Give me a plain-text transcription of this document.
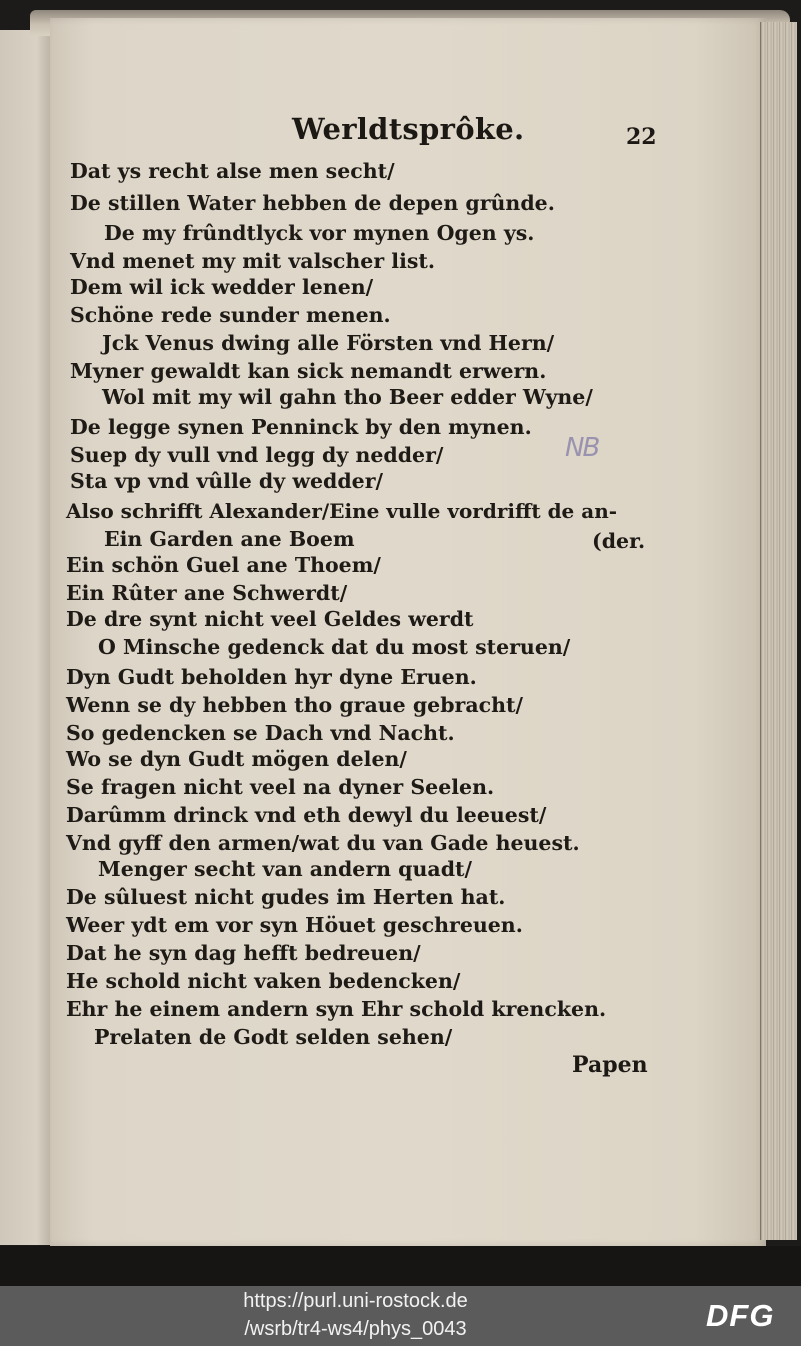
Werldtsprôke.	22
Dat ys recht alse men secht/
De stillen Water hebben de depen grûnde.
De my frûndtlyck vor mynen Ogen ys.
Vnd menet my mit valscher list.
Dem wil ick wedder lenen/
Schöne rede sunder menen.
Jck Venus dwing alle Försten vnd Hern/
Myner gewaldt kan sick nemandt erwern.
Wol mit my wil gahn tho Beer edder Wyne/
De legge synen Penninck by den mynen.
Suep dy vull vnd legg dy nedder/
Sta vp vnd vûlle dy wedder/
Also schrifft Alexander/Eine vulle vordrifft de an-
Ein Garden ane Boem	(der.
Ein schön Guel ane Thoem/
Ein Rûter ane Schwerdt/
De dre synt nicht veel Geldes werdt
O Minsche gedenck dat du most steruen/
Dyn Gudt beholden hyr dyne Eruen.
Wenn se dy hebben tho graue gebracht/
So gedencken se Dach vnd Nacht.
Wo se dyn Gudt mögen delen/
Se fragen nicht veel na dyner Seelen.
Darûmm drinck vnd eth dewyl du leeuest/
Vnd gyff den armen/wat du van Gade heuest.
Menger secht van andern quadt/
De sûluest nicht gudes im Herten hat.
Weer ydt em vor syn Höuet geschreuen.
Dat he syn dag hefft bedreuen/
He schold nicht vaken bedencken/
Ehr he einem andern syn Ehr schold krencken.
Prelaten de Godt selden sehen/
NB
Papen
https://purl.uni-rostock.de
/wsrb/tr4-ws4/phys_0043	DFG
